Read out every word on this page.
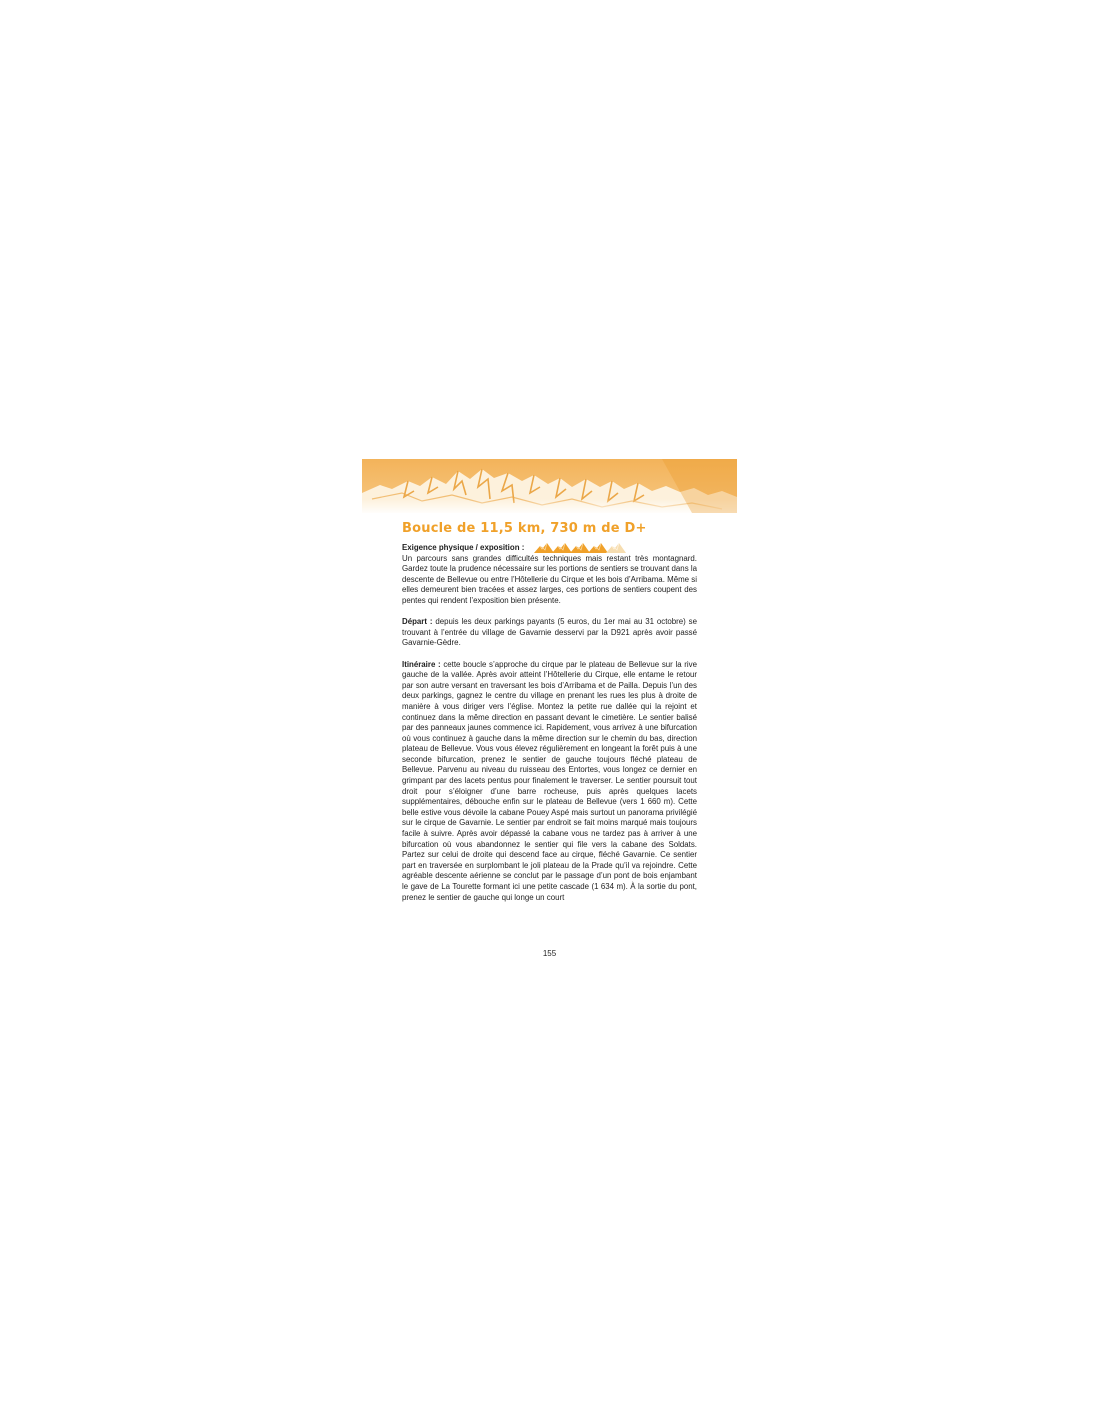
Boucle de 11,5 km, 730 m de D+
Exigence physique / exposition :

Un parcours sans grandes difficultés techniques mais restant très montagnard. Gardez toute la prudence nécessaire sur les portions de sentiers se trouvant dans la descente de Bellevue ou entre l’Hôtellerie du Cirque et les bois d’Arribama. Même si elles demeurent bien tracées et assez larges, ces portions de sentiers coupent des pentes qui rendent l’exposition bien présente.

Départ : depuis les deux parkings payants (5 euros, du 1er mai au 31 octobre) se trouvant à l’entrée du village de Gavarnie desservi par la D921 après avoir passé Gavarnie-Gèdre.

Itinéraire : cette boucle s’approche du cirque par le plateau de Bellevue sur la rive gauche de la vallée. Après avoir atteint l’Hôtellerie du Cirque, elle entame le retour par son autre versant en traversant les bois d’Arribama et de Pailla. Depuis l’un des deux parkings, gagnez le centre du village en prenant les rues les plus à droite de manière à vous diriger vers l’église. Montez la petite rue dallée qui la rejoint et continuez dans la même direction en passant devant le cimetière. Le sentier balisé par des panneaux jaunes commence ici. Rapidement, vous arrivez à une bifurcation où vous continuez à gauche dans la même direction sur le chemin du bas, direction plateau de Bellevue. Vous vous élevez régulièrement en longeant la forêt puis à une seconde bifurcation, prenez le sentier de gauche toujours fléché plateau de Bellevue. Parvenu au niveau du ruisseau des Entortes, vous longez ce dernier en grimpant par des lacets pentus pour finalement le traverser. Le sentier poursuit tout droit pour s’éloigner d’une barre rocheuse, puis après quelques lacets supplémentaires, débouche enfin sur le plateau de Bellevue (vers 1 660 m). Cette belle estive vous dévoile la cabane Pouey Aspé mais surtout un panorama privilégié sur le cirque de Gavarnie. Le sentier par endroit se fait moins marqué mais toujours facile à suivre. Après avoir dépassé la cabane vous ne tardez pas à arriver à une bifurcation où vous abandonnez le sentier qui file vers la cabane des Soldats. Partez sur celui de droite qui descend face au cirque, fléché Gavarnie. Ce sentier part en traversée en surplombant le joli plateau de la Prade qu’il va rejoindre. Cette agréable descente aérienne se conclut par le passage d’un pont de bois enjambant le gave de La Tourette formant ici une petite cascade (1 634 m). À la sortie du pont, prenez le sentier de gauche qui longe un court

155
